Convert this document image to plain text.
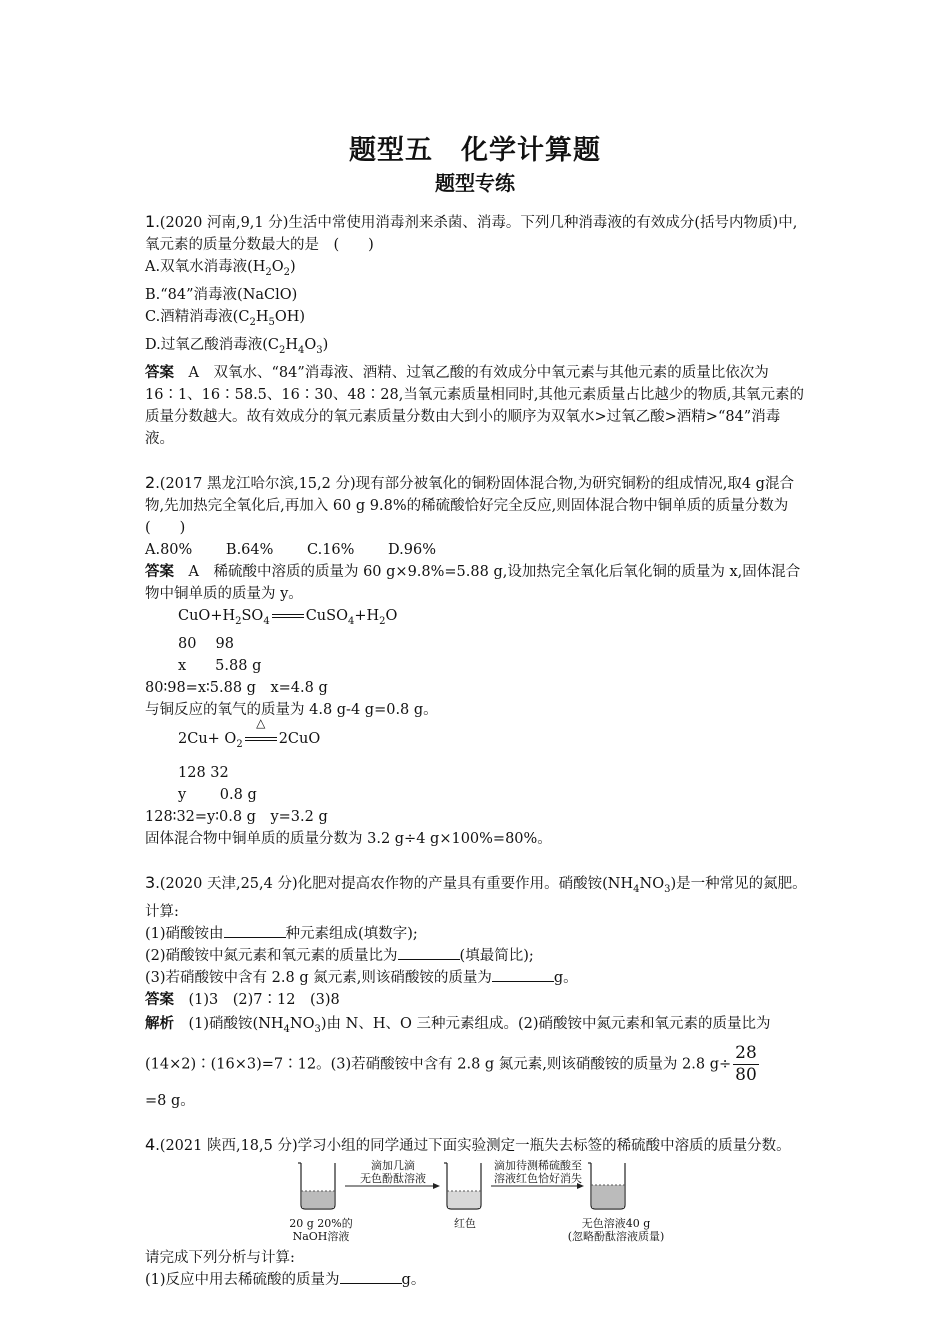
题型五　化学计算题
题型专练

1.(2020 河南,9,1 分)生活中常使用消毒剂来杀菌、消毒。下列几种消毒液的有效成分(括号内物质)中,氧元素的质量分数最大的是　(　　)

A.双氧水消毒液$(H_2O_2)$

B.“84”消毒液(NaClO)

C.酒精消毒液$(C_2H_5OH)$

D.过氧乙酸消毒液$(C_2H_4O_3)$

答案　A　双氧水、“84”消毒液、酒精、过氧乙酸的有效成分中氧元素与其他元素的质量比依次为16∶1、16∶58.5、16∶30、48∶28,当氧元素质量相同时,其他元素质量占比越少的物质,其氧元素的质量分数越大。故有效成分的氧元素质量分数由大到小的顺序为双氧水>过氧乙酸>酒精>“84”消毒液。

2.(2017 黑龙江哈尔滨,15,2 分)现有部分被氧化的铜粉固体混合物,为研究铜粉的组成情况,取4 g混合物,先加热完全氧化后,再加入 60 g 9.8%的稀硫酸恰好完全反应,则固体混合物中铜单质的质量分数为　(　　)

A.80%　　 B.64%　　 C.16%　　 D.96%

答案　A　稀硫酸中溶质的质量为 60 g×9.8%=5.88 g,设加热完全氧化后氧化铜的质量为 x,固体混合物中铜单质的质量为 y。

$CuO+H_2SO_4$ $CuSO_4+H_2O$

80　 98

x　　5.88 g

80∶98=x∶5.88 g　x=4.8 g

与铜反应的氧气的质量为 4.8 g-4 g=0.8 g。

$2Cu+ O_2$
△
2CuO

128 32

y　　 0.8 g

128∶32=y∶0.8 g　y=3.2 g

固体混合物中铜单质的质量分数为 3.2 g÷4 g×100%=80%。

3.(2020 天津,25,4 分)化肥对提高农作物的产量具有重要作用。硝酸铵$(NH_4NO_3)$是一种常见的氮肥。计算:

(1)硝酸铵由	种元素组成(填数字);

(2)硝酸铵中氮元素和氧元素的质量比为	(填最简比);

(3)若硝酸铵中含有 2.8 g 氮元素,则该硝酸铵的质量为	g。

答案　(1)3　(2)7∶12　(3)8

解析　(1)硝酸铵$(NH_4NO_3)$由 N、H、O 三种元素组成。(2)硝酸铵中氮元素和氧元素的质量比为(14×2)∶(16×3)=7∶12。(3)若硝酸铵中含有 2.8 g 氮元素,则该硝酸铵的质量为 2.8 $g\div \frac{28}{80}$

=8 g。

4.(2021 陕西,18,5 分)学习小组的同学通过下面实验测定一瓶失去标签的稀硫酸中溶质的质量分数。

滴加几滴
无色酚酞溶液
滴加待测稀硫酸至
溶液红色恰好消失
20 g 20%的
NaOH溶液
红色	无色溶液40 g
(忽略酚酞溶液质量)

请完成下列分析与计算:

(1)反应中用去稀硫酸的质量为	g。
